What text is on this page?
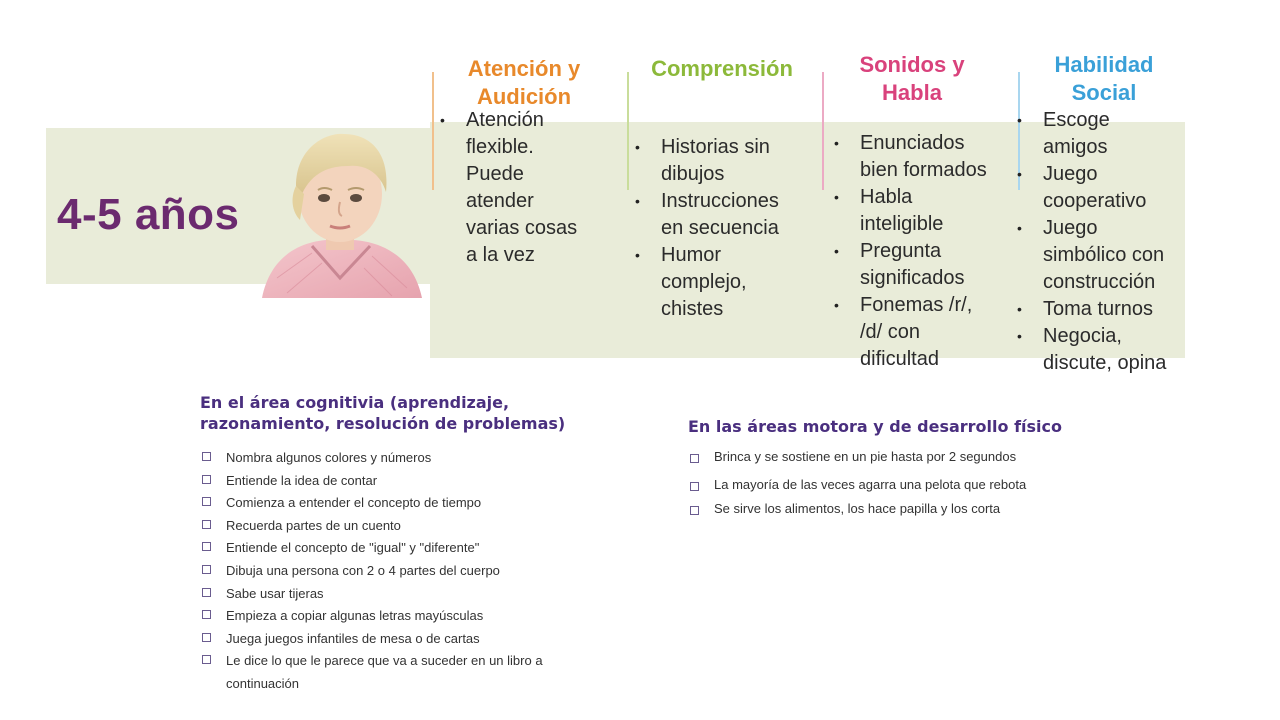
4-5 años
Atención y
Audición
Comprensión	Sonidos y
Habla
Habilidad
Social
• Atención
flexible.
Puede
atender
varias cosas
a la vez
• Historias sin
dibujos
• Instrucciones
en secuencia
• Humor
complejo,
chistes
• Enunciados
bien formados
• Habla
inteligible
• Pregunta
significados
• Fonemas /r/,
/d/ con
dificultad
• Escoge
amigos
• Juego
cooperativo
• Juego
simbólico con
construcción
• Toma turnos
• Negocia,
discute, opina
En el área cognitivia (aprendizaje,
razonamiento, resolución de problemas)
Nombra algunos colores y números
Entiende la idea de contar
Comienza a entender el concepto de tiempo
Recuerda partes de un cuento
Entiende el concepto de "igual" y "diferente"
Dibuja una persona con 2 o 4 partes del cuerpo
Sabe usar tijeras
Empieza a copiar algunas letras mayúsculas
Juega juegos infantiles de mesa o de cartas
Le dice lo que le parece que va a suceder en un libro a
continuación
En las áreas motora y de desarrollo físico
Brinca y se sostiene en un pie hasta por 2 segundos
La mayoría de las veces agarra una pelota que rebota
Se sirve los alimentos, los hace papilla y los corta
